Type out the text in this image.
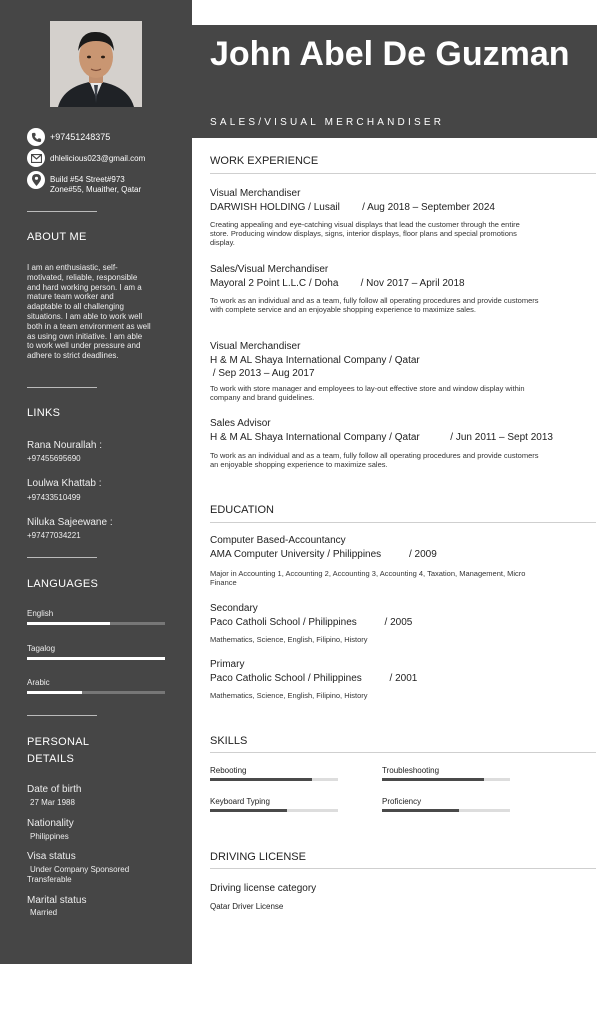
+97451248375
dhlelicious023@gmail.com
Build #54 Street#973
Zone#55, Muaither, Qatar
ABOUT ME
I am an enthusiastic, self-motivated, reliable, responsible and hard working person. I am a mature team worker and adaptable to all challenging situations. I am able to work well both in a team environment as well as using own initiative. I am able to work well under pressure and adhere to strict deadlines.
LINKS
Rana Nourallah :
+97455695690
Loulwa Khattab :
+97433510499
Niluka Sajeewane :
+97477034221
LANGUAGES
English
Tagalog
Arabic
PERSONAL
DETAILS
Date of birth
27 Mar 1988
Nationality
Philippines
Visa status
Under Company Sponsored Transferable
Marital status
Married
John Abel De Guzman
SALES/VISUAL MERCHANDISER
WORK EXPERIENCE
Visual Merchandiser
DARWISH HOLDING / Lusail        / Aug 2018 – September 2024
Creating appealing and eye-catching visual displays that lead the customer through the entire store. Producing window displays, signs, interior displays, floor plans and special promotions display.
Sales/Visual Merchandiser
Mayoral 2 Point L.L.C / Doha        / Nov 2017 – April 2018
To work as an individual and as a team, fully follow all operating procedures and provide customers with complete service and an enjoyable shopping experience to maximize sales.
Visual Merchandiser
H & M AL Shaya International Company / Qatar
/ Sep 2013 – Aug 2017
To work with store manager and employees to lay-out effective store and window display within company and brand guidelines.
Sales Advisor
H & M AL Shaya International Company / Qatar           / Jun 2011 – Sept 2013
To work as an individual and as a team, fully follow all operating procedures and provide customers an enjoyable shopping experience to maximize sales.
EDUCATION
Computer Based-Accountancy
AMA Computer University / Philippines          / 2009
Major in Accounting 1, Accounting 2, Accounting 3, Accounting 4, Taxation, Management, Micro Finance
Secondary
Paco Catholi School / Philippines          / 2005
Mathematics, Science, English, Filipino, History
Primary
Paco Catholic School / Philippines          / 2001
Mathematics, Science, English, Filipino, History
SKILLS
Rebooting	Troubleshooting
Keyboard Typing	Proficiency
DRIVING LICENSE
Driving license category
Qatar Driver License
